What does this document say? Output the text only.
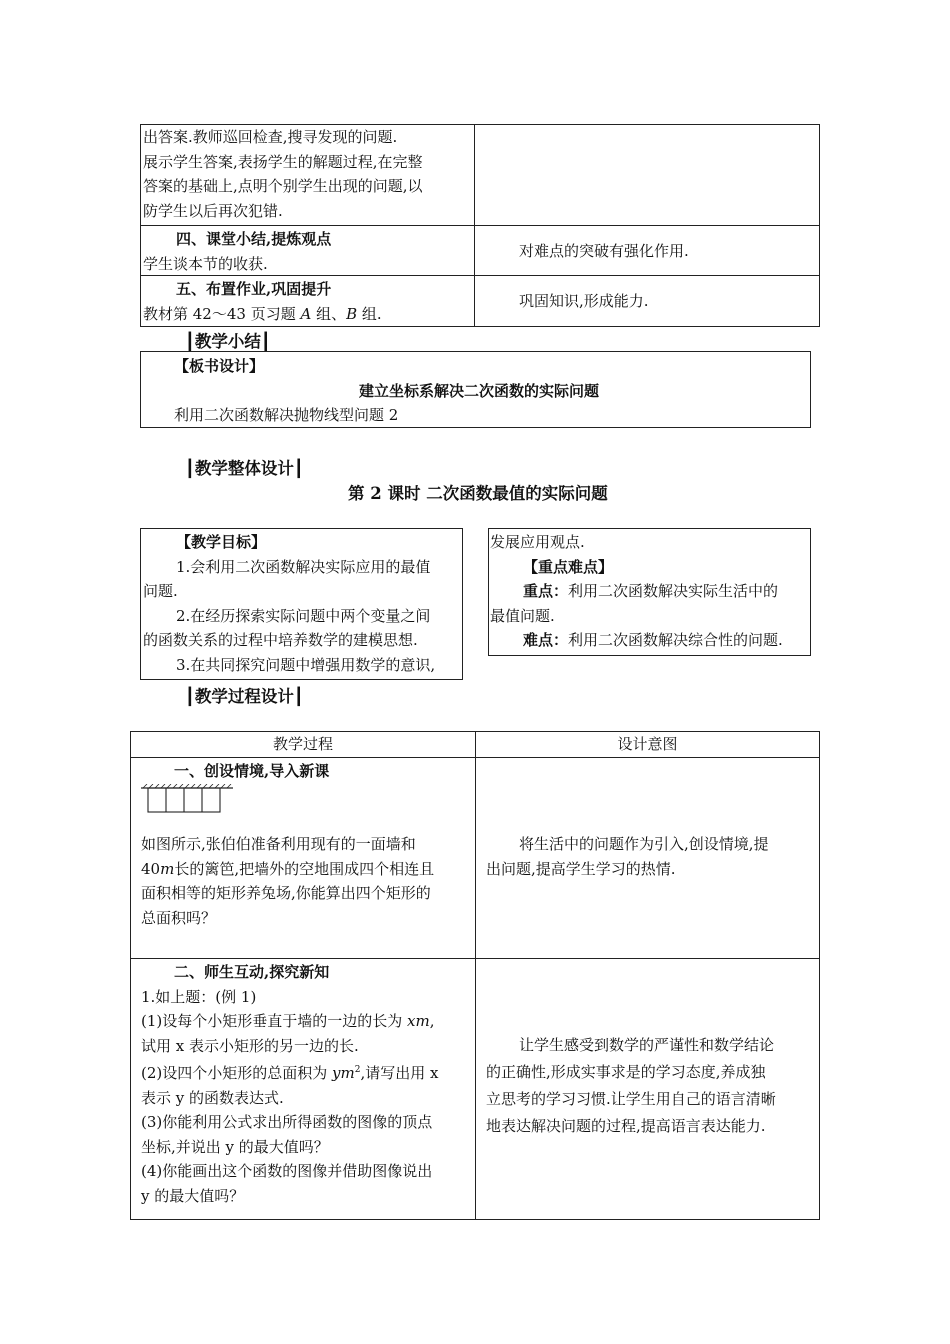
出答案.教师巡回检查,搜寻发现的问题.
展示学生答案,表扬学生的解题过程,在完整
答案的基础上,点明个别学生出现的问题,以
防学生以后再次犯错.
四、课堂小结,提炼观点
学生谈本节的收获.
对难点的突破有强化作用.
五、布置作业,巩固提升
教材第 42～43 页习题 A 组、B 组.
巩固知识,形成能力.
┃教学小结┃
【板书设计】
建立坐标系解决二次函数的实际问题
利用二次函数解决抛物线型问题 2
┃教学整体设计┃
第 2 课时 二次函数最值的实际问题
【教学目标】
1.会利用二次函数解决实际应用的最值
问题.
2.在经历探索实际问题中两个变量之间
的函数关系的过程中培养数学的建模思想.
3.在共同探究问题中增强用数学的意识,
发展应用观点.
【重点难点】
重点：利用二次函数解决实际生活中的
最值问题.
难点：利用二次函数解决综合性的问题.
┃教学过程设计┃
教学过程	设计意图
一、创设情境,导入新课
如图所示,张伯伯准备利用现有的一面墙和
40m长的篱笆,把墙外的空地围成四个相连且
面积相等的矩形养兔场,你能算出四个矩形的
总面积吗？
将生活中的问题作为引入,创设情境,提
出问题,提高学生学习的热情.
二、师生互动,探究新知
1.如上题：(例 1)
(1)设每个小矩形垂直于墙的一边的长为 xm,
试用 x 表示小矩形的另一边的长.
(2)设四个小矩形的总面积为 $ym^2$,请写出用 x
表示 y 的函数表达式.
(3)你能利用公式求出所得函数的图像的顶点
坐标,并说出 y 的最大值吗？
(4)你能画出这个函数的图像并借助图像说出
y 的最大值吗？
让学生感受到数学的严谨性和数学结论
的正确性,形成实事求是的学习态度,养成独
立思考的学习习惯.让学生用自己的语言清晰
地表达解决问题的过程,提高语言表达能力.
